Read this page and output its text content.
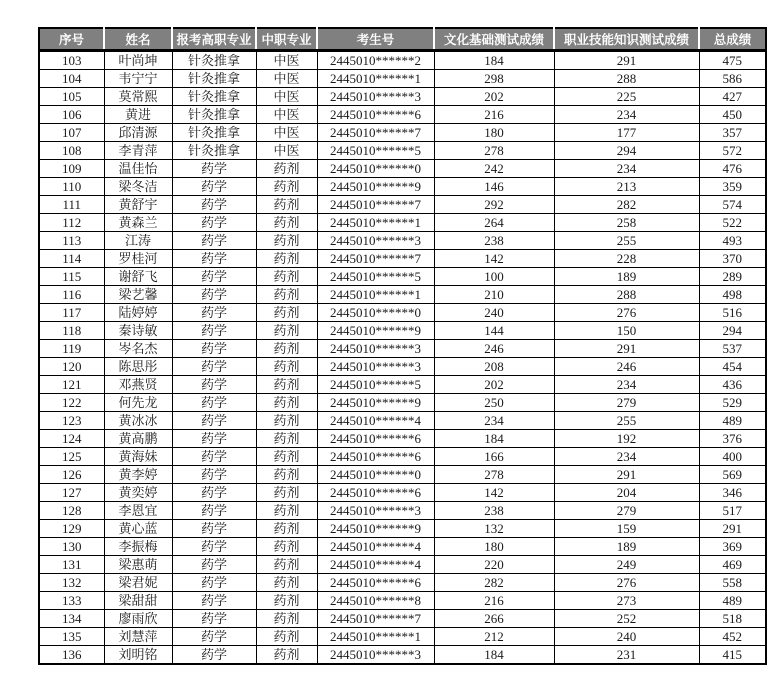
序号	姓名	报考高职专业	中职专业	考生号	文化基础测试成绩	职业技能知识测试成绩	总成绩
103	叶尚坤	针灸推拿	中医	2445010******2	184	291	475
104	韦宁宁	针灸推拿	中医	2445010******1	298	288	586
105	莫常熙	针灸推拿	中医	2445010******3	202	225	427
106	黄进	针灸推拿	中医	2445010******6	216	234	450
107	邱清源	针灸推拿	中医	2445010******7	180	177	357
108	李青萍	针灸推拿	中医	2445010******5	278	294	572
109	温佳怡	药学	药剂	2445010******0	242	234	476
110	梁冬洁	药学	药剂	2445010******9	146	213	359
111	黄舒宇	药学	药剂	2445010******7	292	282	574
112	黄森兰	药学	药剂	2445010******1	264	258	522
113	江涛	药学	药剂	2445010******3	238	255	493
114	罗桂河	药学	药剂	2445010******7	142	228	370
115	谢舒飞	药学	药剂	2445010******5	100	189	289
116	梁艺馨	药学	药剂	2445010******1	210	288	498
117	陆婷婷	药学	药剂	2445010******0	240	276	516
118	秦诗敏	药学	药剂	2445010******9	144	150	294
119	岑名杰	药学	药剂	2445010******3	246	291	537
120	陈思彤	药学	药剂	2445010******3	208	246	454
121	邓燕贤	药学	药剂	2445010******5	202	234	436
122	何先龙	药学	药剂	2445010******9	250	279	529
123	黄冰冰	药学	药剂	2445010******4	234	255	489
124	黄高鹏	药学	药剂	2445010******6	184	192	376
125	黄海妹	药学	药剂	2445010******6	166	234	400
126	黄李婷	药学	药剂	2445010******0	278	291	569
127	黄奕婷	药学	药剂	2445010******6	142	204	346
128	李恩宜	药学	药剂	2445010******3	238	279	517
129	黄心蓝	药学	药剂	2445010******9	132	159	291
130	李振梅	药学	药剂	2445010******4	180	189	369
131	梁惠萌	药学	药剂	2445010******4	220	249	469
132	梁君妮	药学	药剂	2445010******6	282	276	558
133	梁甜甜	药学	药剂	2445010******8	216	273	489
134	廖雨欣	药学	药剂	2445010******7	266	252	518
135	刘慧萍	药学	药剂	2445010******1	212	240	452
136	刘明铭	药学	药剂	2445010******3	184	231	415
